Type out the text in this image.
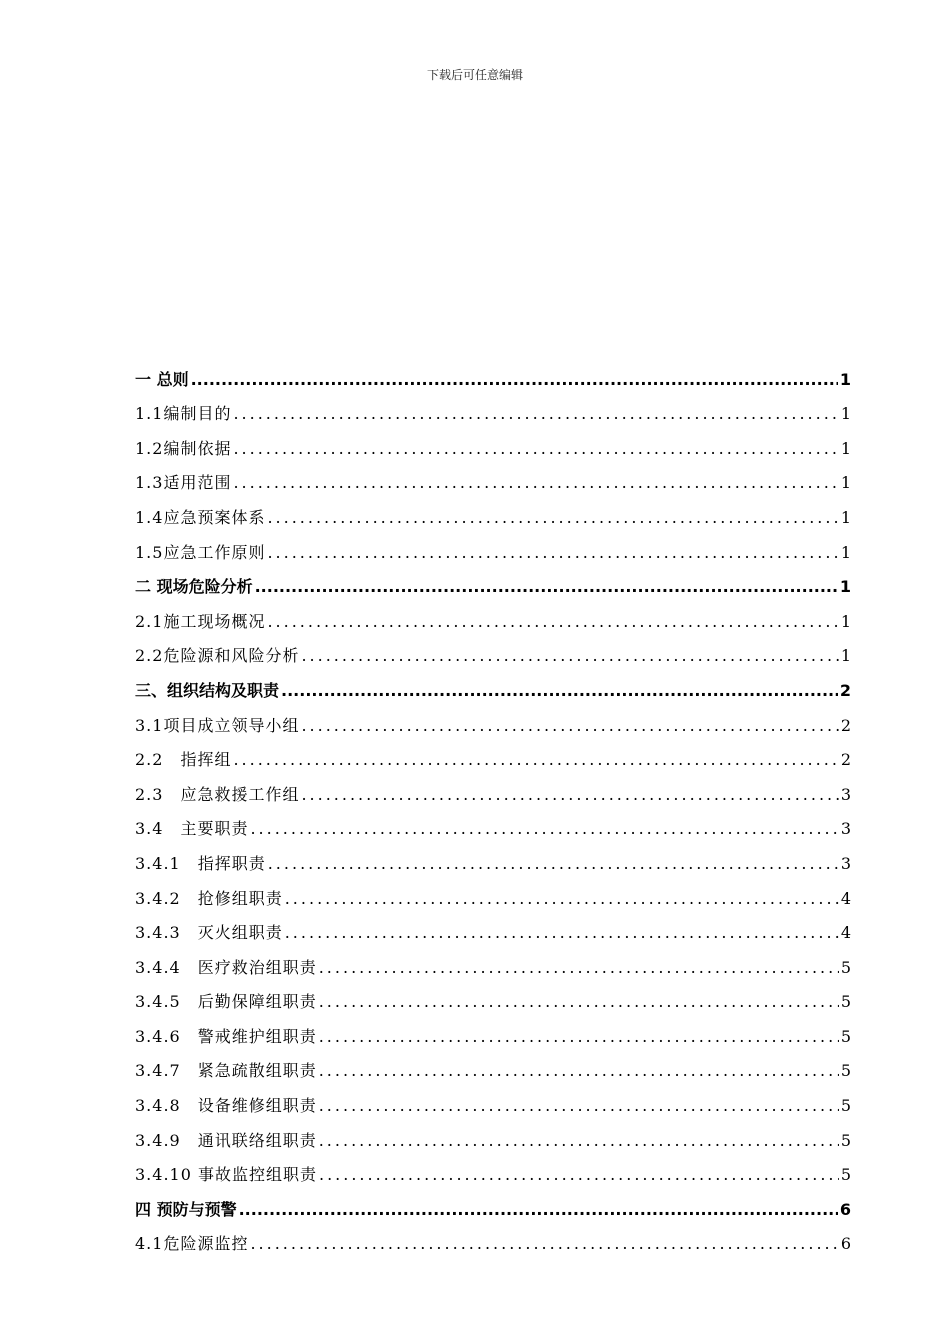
下载后可任意编辑
一 总则 .....	1
1.1编制目的 .....	1
1.2编制依据 .....	1
1.3适用范围 .....	1
1.4应急预案体系 .....	1
1.5应急工作原则 .....	1
二 现场危险分析 .....	1
2.1施工现场概况 .....	1
2.2危险源和风险分析 .....	1
三、组织结构及职责 .....	2
3.1项目成立领导小组 .....	2
2.2　指挥组 .....	2
2.3　应急救援工作组 .....	3
3.4　主要职责 .....	3
3.4.1　指挥职责 .....	3
3.4.2　抢修组职责 .....	4
3.4.3　灭火组职责 .....	4
3.4.4　医疗救治组职责 .....	5
3.4.5　后勤保障组职责 .....	5
3.4.6　警戒维护组职责 .....	5
3.4.7　紧急疏散组职责 .....	5
3.4.8　设备维修组职责 .....	5
3.4.9　通讯联络组职责 .....	5
3.4.10 事故监控组职责 .....	5
四 预防与预警 .....	6
4.1危险源监控 .....	6
